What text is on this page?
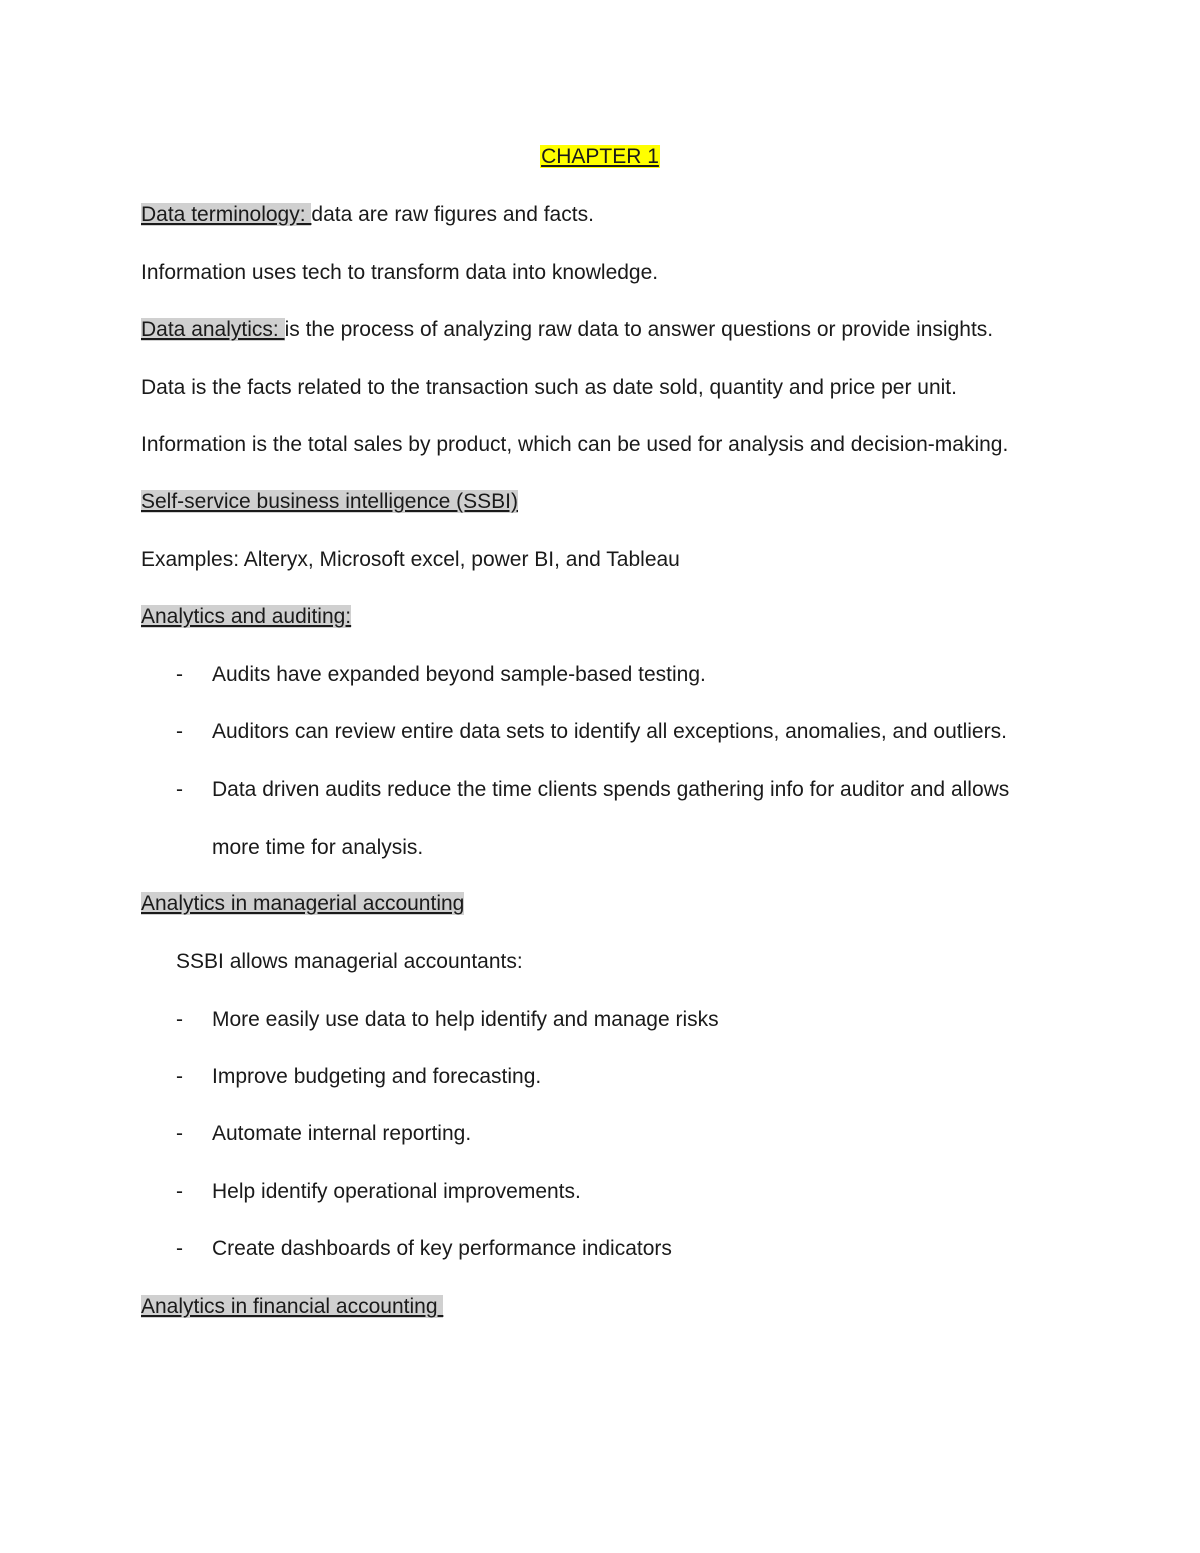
CHAPTER 1
Data terminology: data are raw figures and facts.
Information uses tech to transform data into knowledge.
Data analytics: is the process of analyzing raw data to answer questions or provide insights.
Data is the facts related to the transaction such as date sold, quantity and price per unit.
Information is the total sales by product, which can be used for analysis and decision-making.
Self-service business intelligence (SSBI)
Examples: Alteryx, Microsoft excel, power BI, and Tableau
Analytics and auditing:
- Audits have expanded beyond sample-based testing.
- Auditors can review entire data sets to identify all exceptions, anomalies, and outliers.
- Data driven audits reduce the time clients spends gathering info for auditor and allows
more time for analysis.
Analytics in managerial accounting
SSBI allows managerial accountants:
- More easily use data to help identify and manage risks
- Improve budgeting and forecasting.
- Automate internal reporting.
- Help identify operational improvements.
- Create dashboards of key performance indicators
Analytics in financial accounting
